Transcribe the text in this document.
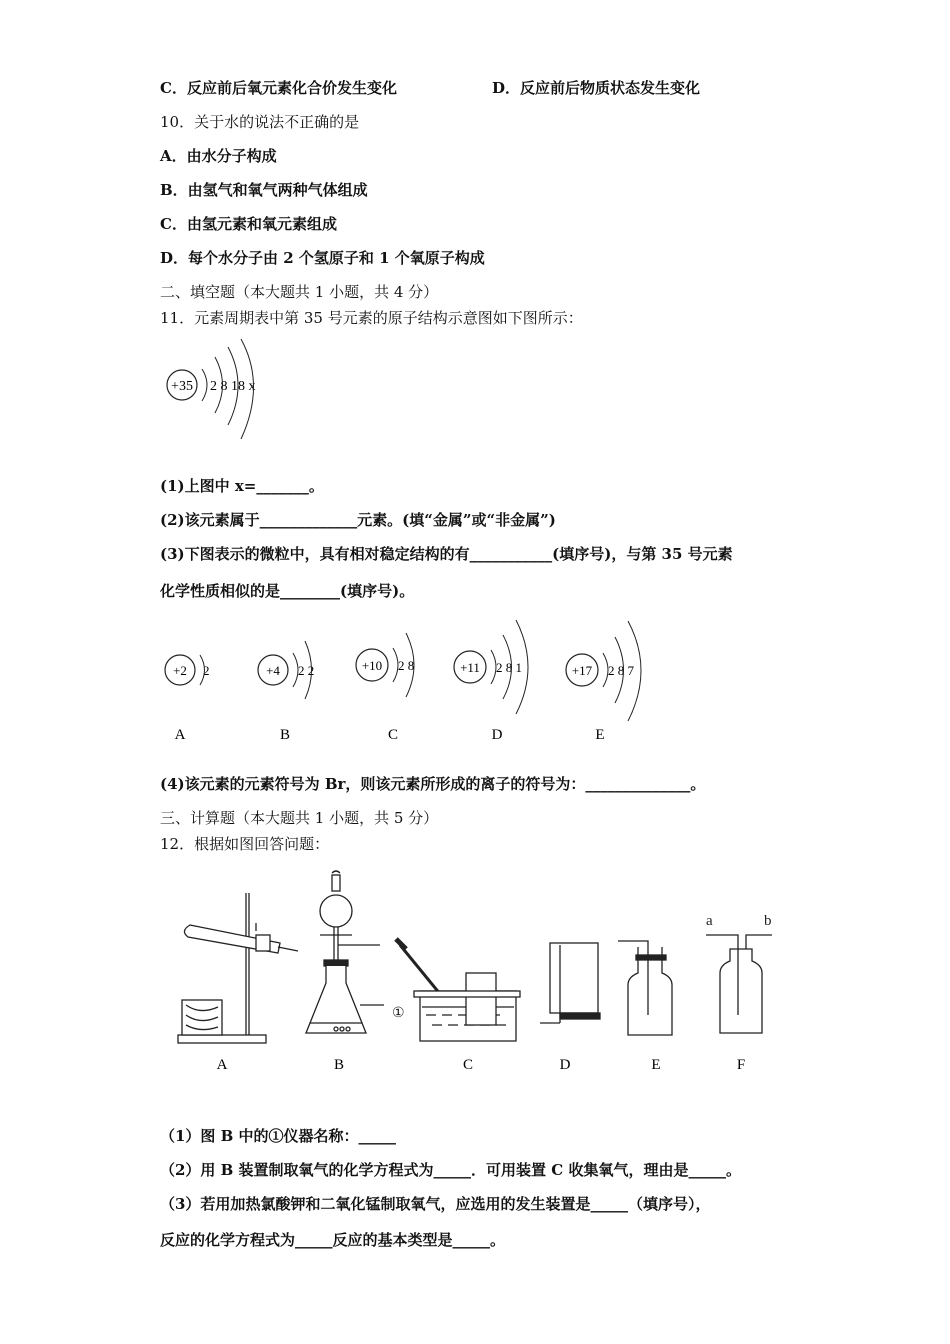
C．反应前后氧元素化合价发生变化	D．反应前后物质状态发生变化
10．关于水的说法不正确的是
A．由水分子构成
B．由氢气和氧气两种气体组成
C．由氢元素和氧元素组成
D．每个水分子由 2 个氢原子和 1 个氧原子构成
二、填空题（本大题共 1 小题，共 4 分）
11．元素周期表中第 35 号元素的原子结构示意图如下图所示：
+35 2 8 18 x
(1)上图中 x=_______。
(2)该元素属于_____________元素。(填“金属”或“非金属”)
(3)下图表示的微粒中，具有相对稳定结构的有___________(填序号)，与第 35 号元素
化学性质相似的是________(填序号)。
+2 2
A
+4 2 2
B
+10 2 8
C
+11 2 8 1
D
+17 2 8 7
E
(4)该元素的元素符号为 Br，则该元素所形成的离子的符号为：______________。
三、计算题（本大题共 1 小题，共 5 分）
12．根据如图回答问题：
①
a	b
A	B	C	D	E	F
（1）图 B 中的①仪器名称：_____
（2）用 B 装置制取氧气的化学方程式为_____．可用装置 C 收集氧气，理由是_____。
（3）若用加热氯酸钾和二氧化锰制取氧气，应选用的发生装置是_____（填序号），
反应的化学方程式为_____反应的基本类型是_____。
